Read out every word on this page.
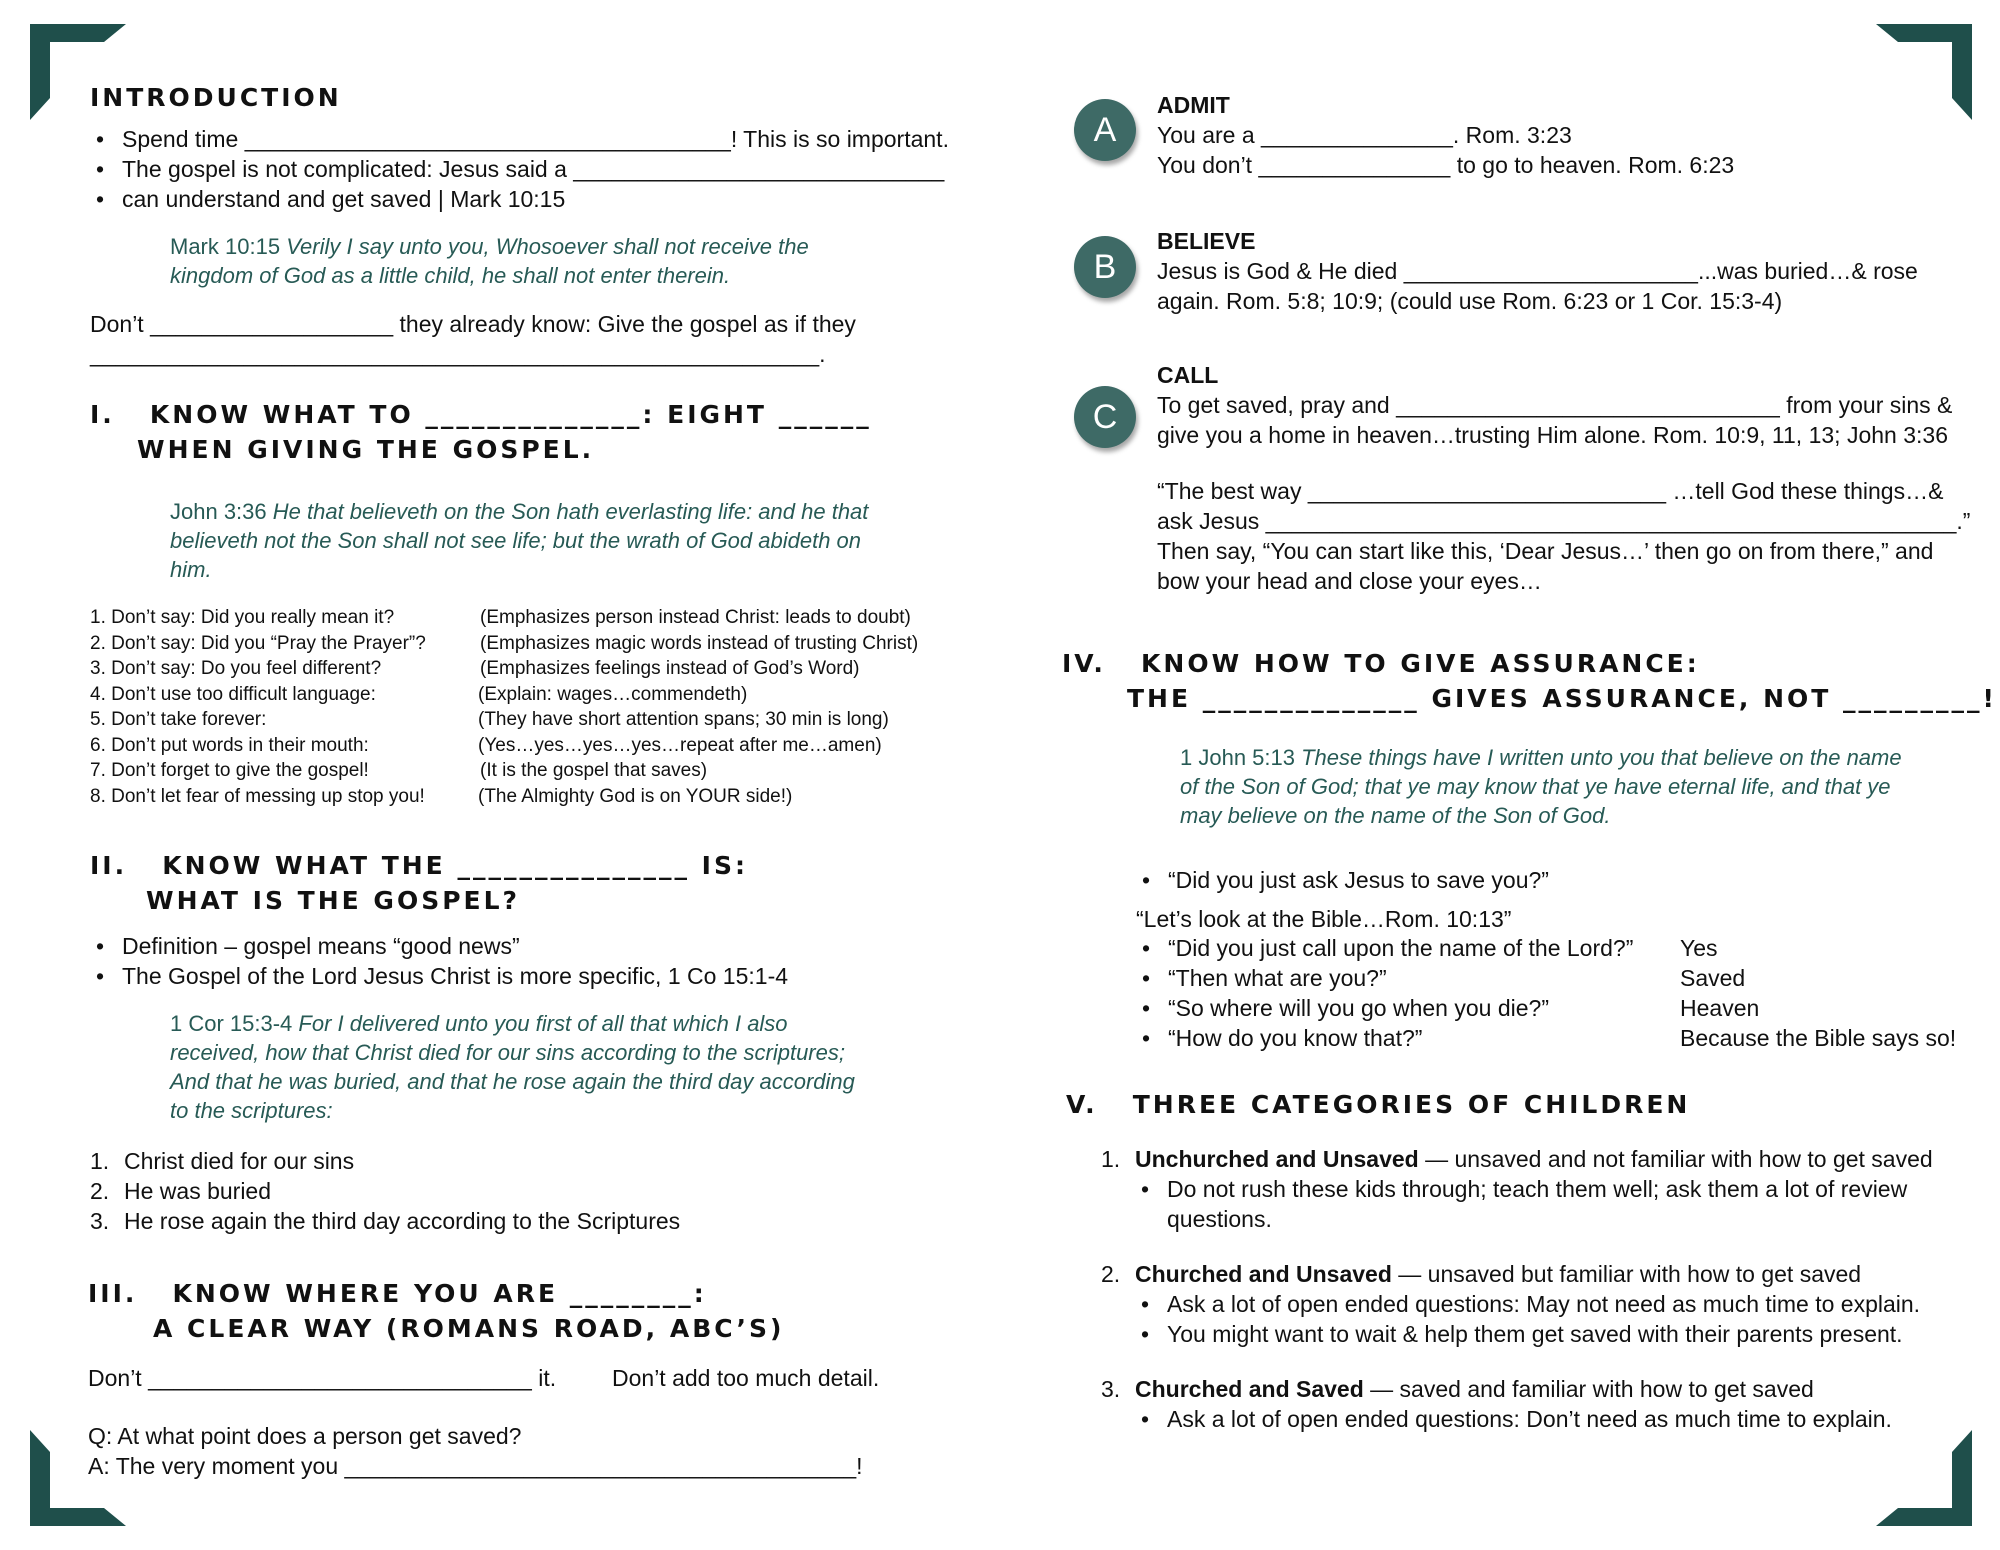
INTRODUCTION
• Spend time ______________________________________! This is so important.
• The gospel is not complicated: Jesus said a _____________________________
• can understand and get saved | Mark 10:15
Mark 10:15 Verily I say unto you, Whosoever shall not receive the kingdom of God as a little child, he shall not enter therein.
Don’t ___________________ they already know: Give the gospel as if they
_________________________________________________________.
I.   KNOW WHAT TO ______________: EIGHT ______
WHEN GIVING THE GOSPEL.
John 3:36 He that believeth on the Son hath everlasting life: and he that believeth not the Son shall not see life; but the wrath of God abideth on him.
1. Don’t say: Did you really mean it?	(Emphasizes person instead Christ: leads to doubt)
2. Don’t say: Did you “Pray the Prayer”?	(Emphasizes magic words instead of trusting Christ)
3. Don’t say: Do you feel different?	(Emphasizes feelings instead of God’s Word)
4. Don’t use too difficult language:	(Explain: wages…commendeth)
5. Don’t take forever:	(They have short attention spans; 30 min is long)
6. Don’t put words in their mouth:	(Yes…yes…yes…yes…repeat after me…amen)
7. Don’t forget to give the gospel!	(It is the gospel that saves)
8. Don’t let fear of messing up stop you!	(The Almighty God is on YOUR side!)
II.   KNOW WHAT THE _______________ IS:
WHAT IS THE GOSPEL?
• Definition – gospel means “good news”
• The Gospel of the Lord Jesus Christ is more specific, 1 Co 15:1-4
1 Cor 15:3-4 For I delivered unto you first of all that which I also received, how that Christ died for our sins according to the scriptures; And that he was buried, and that he rose again the third day according to the scriptures:
1. Christ died for our sins
2. He was buried
3. He rose again the third day according to the Scriptures
III.   KNOW WHERE YOU ARE ________:
A CLEAR WAY (ROMANS ROAD, ABC’S)
Don’t ______________________________ it. Don’t add too much detail.
Q: At what point does a person get saved?
A: The very moment you ________________________________________!
A
ADMIT
You are a _______________. Rom. 3:23
You don’t _______________ to go to heaven. Rom. 6:23
B
BELIEVE
Jesus is God & He died _______________________...was buried…& rose
again. Rom. 5:8; 10:9; (could use Rom. 6:23 or 1 Cor. 15:3-4)
C
CALL
To get saved, pray and ______________________________ from your sins &
give you a home in heaven…trusting Him alone. Rom. 10:9, 11, 13; John 3:36
“The best way ____________________________ …tell God these things…&
ask Jesus ______________________________________________________.”
Then say, “You can start like this, ‘Dear Jesus…’ then go on from there,” and
bow your head and close your eyes…
IV.   KNOW HOW TO GIVE ASSURANCE:
THE ______________ GIVES ASSURANCE, NOT _________!
1 John 5:13 These things have I written unto you that believe on the name of the Son of God; that ye may know that ye have eternal life, and that ye may believe on the name of the Son of God.
• “Did you just ask Jesus to save you?”
“Let’s look at the Bible…Rom. 10:13”
• “Did you just call upon the name of the Lord?” Yes
• “Then what are you?”	Saved
• “So where will you go when you die?”	Heaven
• “How do you know that?”	Because the Bible says so!
V.   THREE CATEGORIES OF CHILDREN
1. Unchurched and Unsaved — unsaved and not familiar with how to get saved
• Do not rush these kids through; teach them well; ask them a lot of review
questions.
2. Churched and Unsaved — unsaved but familiar with how to get saved
• Ask a lot of open ended questions: May not need as much time to explain.
• You might want to wait & help them get saved with their parents present.
3. Churched and Saved — saved and familiar with how to get saved
• Ask a lot of open ended questions: Don’t need as much time to explain.
